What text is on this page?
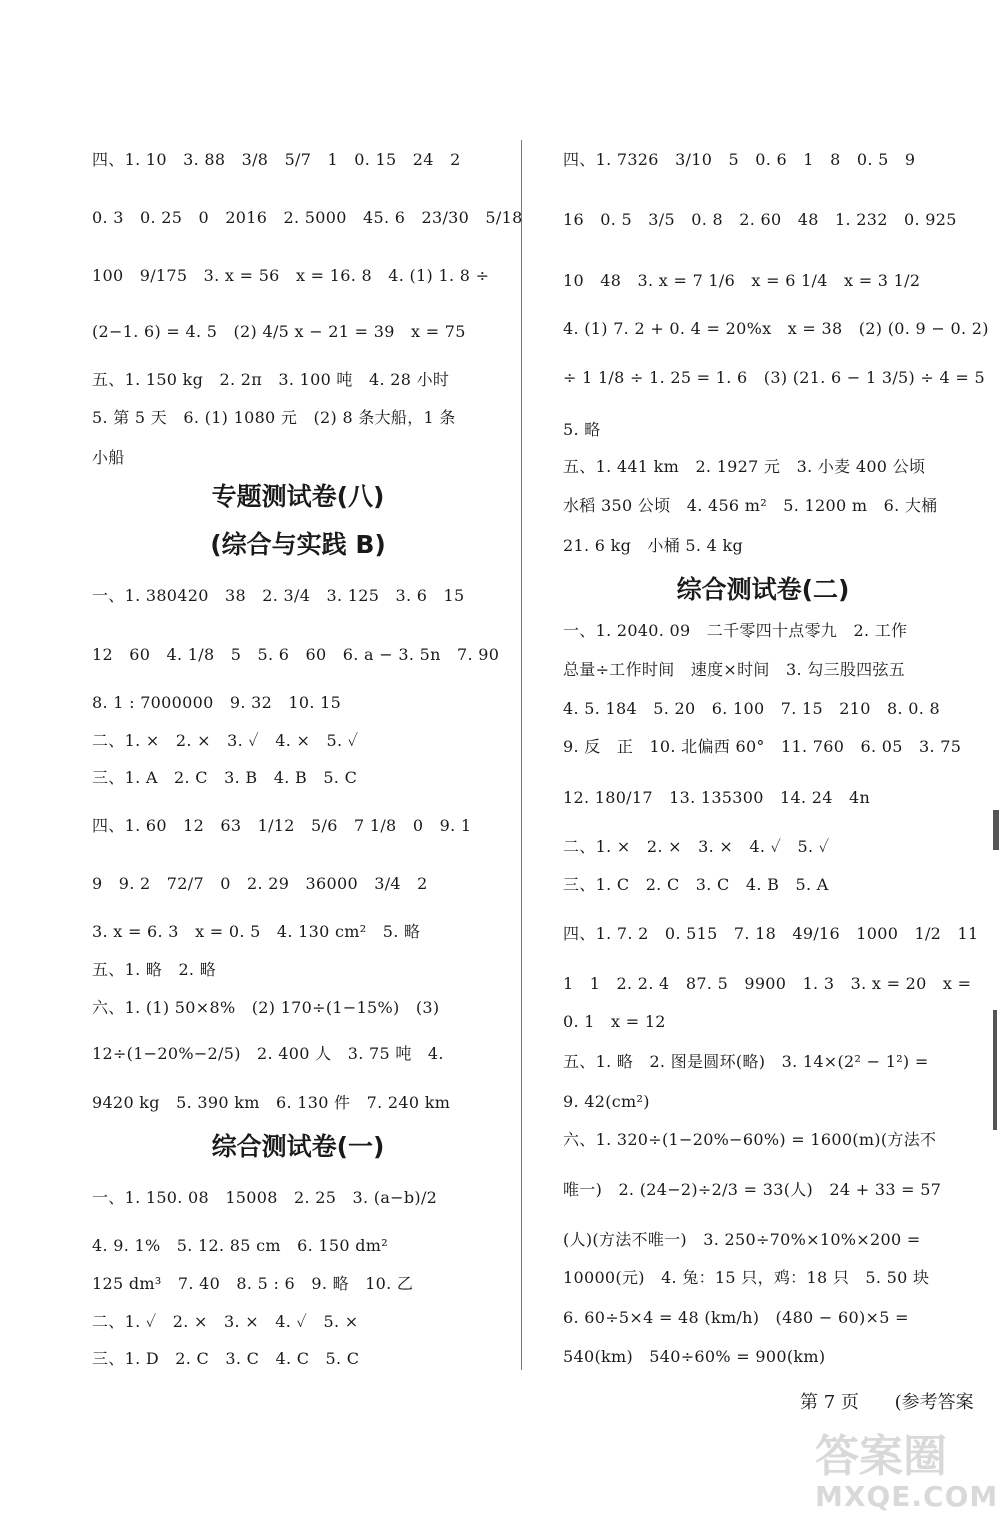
四、1. 10　3. 88　3/8　5/7　1　0. 15　24　2
0. 3　0. 25　0　2016　2. 5000　45. 6　23/30　5/18
100　9/175　3. x = 56　x = 16. 8　4. (1) 1. 8 ÷
(2−1. 6) = 4. 5　(2) 4/5 x − 21 = 39　x = 75
五、1. 150 kg　2. 2π　3. 100 吨　4. 28 小时
5. 第 5 天　6. (1) 1080 元　(2) 8 条大船，1 条
小船
专题测试卷(八)
(综合与实践 B)
一、1. 380420　38　2. 3/4　3. 125　3. 6　15
12　60　4. 1/8　5　5. 6　60　6. a − 3. 5n　7. 90
8. 1 : 7000000　9. 32　10. 15
二、1. ×　2. ×　3. ✓　4. ×　5. ✓
三、1. A　2. C　3. B　4. B　5. C
四、1. 60　12　63　1/12　5/6　7 1/8　0　9. 1
9　9. 2　72/7　0　2. 29　36000　3/4　2
3. x = 6. 3　x = 0. 5　4. 130 cm²　5. 略
五、1. 略　2. 略
六、1. (1) 50×8%　(2) 170÷(1−15%)　(3)
12÷(1−20%−2/5)　2. 400 人　3. 75 吨　4.
9420 kg　5. 390 km　6. 130 件　7. 240 km
综合测试卷(一)
一、1. 150. 08　15008　2. 25　3. (a−b)/2
4. 9. 1%　5. 12. 85 cm　6. 150 dm²
125 dm³　7. 40　8. 5 : 6　9. 略　10. 乙
二、1. ✓　2. ×　3. ×　4. ✓　5. ×
三、1. D　2. C　3. C　4. C　5. C
四、1. 7326　3/10　5　0. 6　1　8　0. 5　9
16　0. 5　3/5　0. 8　2. 60　48　1. 232　0. 925
10　48　3. x = 7 1/6　x = 6 1/4　x = 3 1/2
4. (1) 7. 2 + 0. 4 = 20%x　x = 38　(2) (0. 9 − 0. 2)
÷ 1 1/8 ÷ 1. 25 = 1. 6　(3) (21. 6 − 1 3/5) ÷ 4 = 5
5. 略
五、1. 441 km　2. 1927 元　3. 小麦 400 公顷
水稻 350 公顷　4. 456 m²　5. 1200 m　6. 大桶
21. 6 kg　小桶 5. 4 kg
综合测试卷(二)
一、1. 2040. 09　二千零四十点零九　2. 工作
总量÷工作时间　速度×时间　3. 勾三股四弦五
4. 5. 184　5. 20　6. 100　7. 15　210　8. 0. 8
9. 反　正　10. 北偏西 60°　11. 760　6. 05　3. 75
12. 180/17　13. 135300　14. 24　4n
二、1. ×　2. ×　3. ×　4. ✓　5. ✓
三、1. C　2. C　3. C　4. B　5. A
四、1. 7. 2　0. 515　7. 18　49/16　1000　1/2　11
1　1　2. 2. 4　87. 5　9900　1. 3　3. x = 20　x =
0. 1　x = 12
五、1. 略　2. 图是圆环(略)　3. 14×(2² − 1²) =
9. 42(cm²)
六、1. 320÷(1−20%−60%) = 1600(m)(方法不
唯一)　2. (24−2)÷2/3 = 33(人)　24 + 33 = 57
(人)(方法不唯一)　3. 250÷70%×10%×200 =
10000(元)　4. 兔：15 只，鸡：18 只　5. 50 块
6. 60÷5×4 = 48 (km/h)　(480 − 60)×5 =
540(km)　540÷60% = 900(km)
第 7 页 (参考答案
答案圈
MXQE.COM
